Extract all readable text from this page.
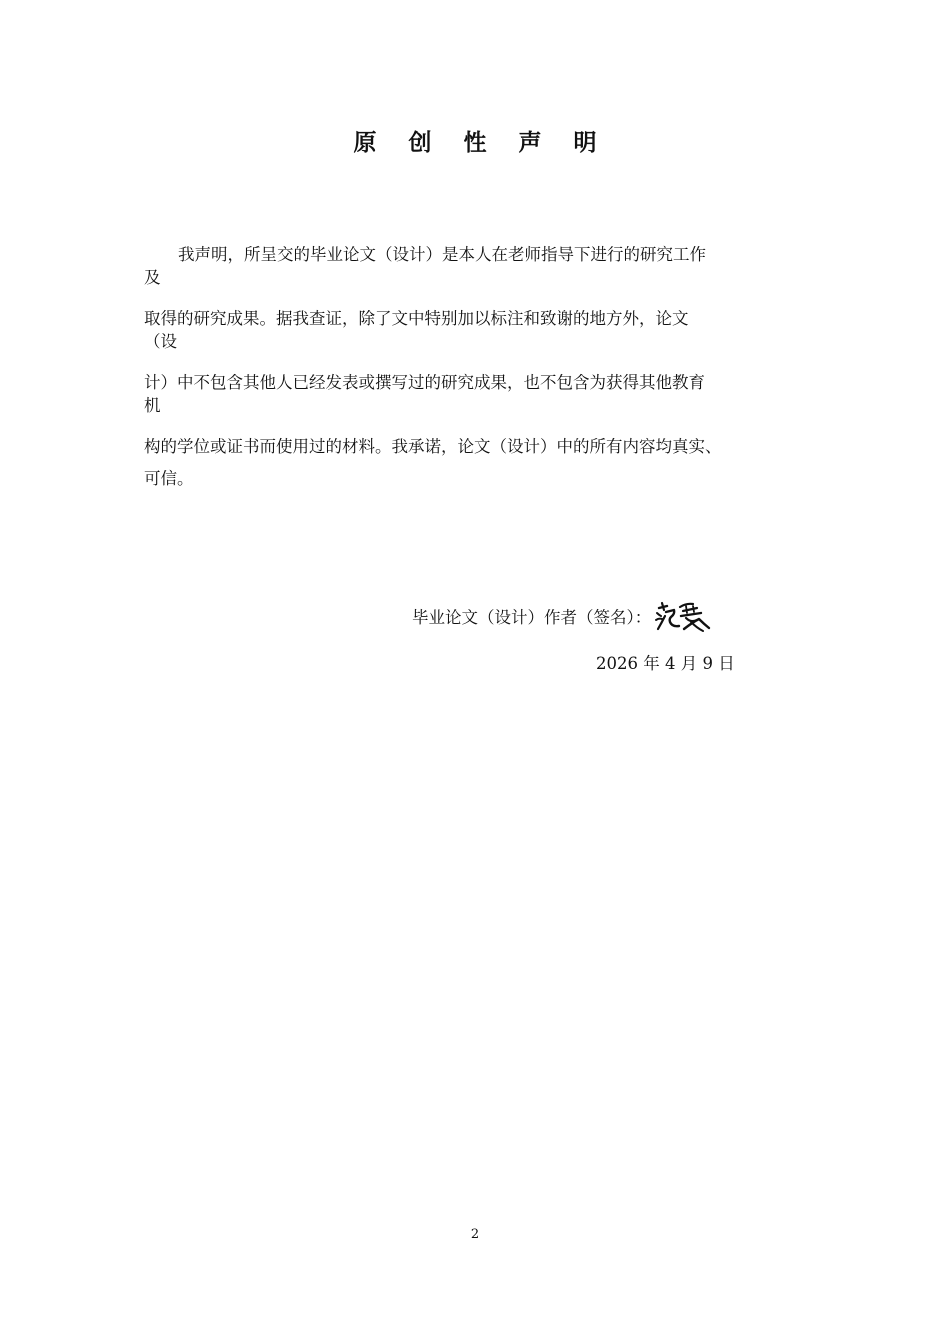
原 创 性 声 明
我声明，所呈交的毕业论文（设计）是本人在老师指导下进行的研究工作
及
取得的研究成果。据我查证，除了文中特别加以标注和致谢的地方外，论文
（设
计）中不包含其他人已经发表或撰写过的研究成果，也不包含为获得其他教育
机
构的学位或证书而使用过的材料。我承诺，论文（设计）中的所有内容均真实、
可信。
毕业论文（设计）作者（签名）：
2026 年 4 月 9 日
2
